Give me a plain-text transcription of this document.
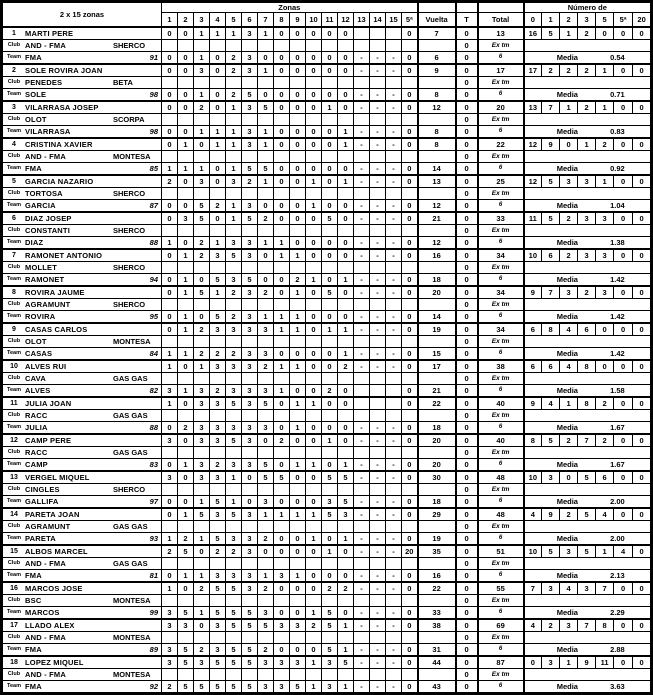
2 x 15 zonas	Zonas																			Número de						
	1	2	3	4	5	6	7	8	9	10	11	12	13	14	15	5ª	Vuelta	T	Total	0	1	2	3	5	5ª	20

1 MARTI PERE	0	0	1	1	1	3	1	0	0	0	0	0				0	7	0	13	16	5	1	2	0	0	0

Club AND - FMA SHERCO																		0	Ex tm							

Team FMA 91	0	0	1	0	2	3	0	0	0	0	0	0	-	-	-	0	6	0	6	Media 0.54						

2 SOLE ROVIRA JOAN	0	0	3	0	2	3	1	0	0	0	0	0	-	-	-	0	9	0	17	17	2	2	2	1	0	0

Club PENEDES BETA																		0	Ex tm							

Team SOLE 98	0	0	1	0	2	5	0	0	0	0	0	0	-	-	-	0	8	0	6	Media 0.71						

3 VILARRASA JOSEP	0	0	2	0	1	3	5	0	0	0	1	0	-	-	-	0	12	0	20	13	7	1	2	1	0	0

Club OLOT SCORPA																		0	Ex tm							

Team VILARRASA 98	0	0	1	1	1	3	1	0	0	0	0	1	-	-	-	0	8	0	6	Media 0.83						

4 CRISTINA XAVIER	0	1	0	1	1	3	1	0	0	0	0	1	-	-	-	0	8	0	22	12	9	0	1	2	0	0

Club AND - FMA MONTESA																		0	Ex tm							

Team FMA 85	1	1	1	0	1	5	5	0	0	0	0	0	-	-	-	0	14	0	6	Media 0.92						

5 GARCIA NAZARIO	2	0	3	0	3	2	1	0	0	1	0	1	-	-	-	0	13	0	25	12	5	3	3	1	0	0

Club TORTOSA SHERCO																		0	Ex tm							

Team GARCIA 87	0	0	5	2	1	3	0	0	0	1	0	0	-	-	-	0	12	0	6	Media 1.04						

6 DIAZ JOSEP	0	3	5	0	1	5	2	0	0	0	5	0	-	-	-	0	21	0	33	11	5	2	3	3	0	0

Club CONSTANTI SHERCO																		0	Ex tm							

Team DIAZ 88	1	0	2	1	3	3	1	1	0	0	0	0	-	-	-	0	12	0	6	Media 1.38						

7 RAMONET ANTONIO	0	1	2	3	5	3	0	1	1	0	0	0	-	-	-	0	16	0	34	10	6	2	3	3	0	0

Club MOLLET SHERCO																		0	Ex tm							

Team RAMONET 94	0	1	0	5	3	5	0	0	2	1	0	1	-	-	-	0	18	0	6	Media 1.42						

8 ROVIRA JAUME	0	1	5	1	2	3	2	0	1	0	5	0	-	-	-	0	20	0	34	9	7	3	2	3	0	0

Club AGRAMUNT SHERCO																		0	Ex tm							

Team ROVIRA 95	0	1	0	5	2	3	1	1	1	0	0	0	-	-	-	0	14	0	6	Media 1.42						

9 CASAS CARLOS	0	1	2	3	3	3	3	1	1	0	1	1	-	-	-	0	19	0	34	6	8	4	6	0	0	0

Club OLOT MONTESA																		0	Ex tm							

Team CASAS 84	1	1	2	2	2	3	3	0	0	0	0	1	-	-	-	0	15	0	6	Media 1.42						

10 ALVES RUI	1	0	1	3	3	3	2	1	1	0	0	2	-	-	-	0	17	0	38	6	6	4	8	0	0	0

Club CAVA GAS GAS																		0	Ex tm							

Team ALVES 82	3	1	3	2	3	3	3	1	0	0	2	0				0	21	0	6	Media 1.58						

11 JULIA JOAN	1	0	3	3	5	3	5	0	1	1	0	0				0	22	0	40	9	4	1	8	2	0	0

Club RACC GAS GAS																		0	Ex tm							

Team JULIA 88	0	2	3	3	3	3	3	0	1	0	0	0	-	-	-	0	18	0	6	Media 1.67						

12 CAMP PERE	3	0	3	3	5	3	0	2	0	0	1	0	-	-	-	0	20	0	40	8	5	2	7	2	0	0

Club RACC GAS GAS																		0	Ex tm							

Team CAMP 83	0	1	3	2	3	3	5	0	1	1	0	1	-	-	-	0	20	0	6	Media 1.67						

13 VERGEL MIQUEL	3	0	3	3	1	0	5	5	0	0	5	5	-	-	-	0	30	0	48	10	3	0	5	6	0	0

Club CINGLES SHERCO																		0	Ex tm							

Team GALLIFA 97	0	0	1	5	1	0	3	0	0	0	3	5	-	-	-	0	18	0	6	Media 2.00						

14 PARETA JOAN	0	1	5	3	5	3	1	1	1	1	5	3	-	-	-	0	29	0	48	4	9	2	5	4	0	0

Club AGRAMUNT GAS GAS																		0	Ex tm							

Team PARETA 93	1	2	1	5	3	3	2	0	0	1	0	1	-	-	-	0	19	0	6	Media 2.00						

15 ALBOS MARCEL	2	5	0	2	2	3	0	0	0	0	1	0	-	-	-	20	35	0	51	10	5	3	5	1	4	0

Club AND - FMA GAS GAS																		0	Ex tm							

Team FMA 81	0	1	1	3	3	3	1	3	1	0	0	0	-	-	-	0	16	0	6	Media 2.13						

16 MARCOS JOSE	1	0	2	5	5	3	2	0	0	0	2	2	-	-	-	0	22	0	55	7	3	4	3	7	0	0

Club BSC MONTESA																		0	Ex tm							

Team MARCOS 99	3	5	1	5	5	5	3	0	0	1	5	0	-	-	-	0	33	0	6	Media 2.29						

17 LLADO ALEX	3	3	0	3	5	5	5	3	3	2	5	1	-	-	-	0	38	0	69	4	2	3	7	8	0	0

Club AND - FMA MONTESA																		0	Ex tm							

Team FMA 89	3	5	2	3	5	5	2	0	0	0	5	1	-	-	-	0	31	0	6	Media 2.88						

18 LOPEZ MIQUEL	3	5	3	5	5	5	3	3	3	1	3	5	-	-	-	0	44	0	87	0	3	1	9	11	0	0

Club AND - FMA MONTESA																		0	Ex tm							

Team FMA 92	2	5	5	5	5	5	3	3	5	1	3	1	-	-	-	0	43	0	6	Media 3.63						
